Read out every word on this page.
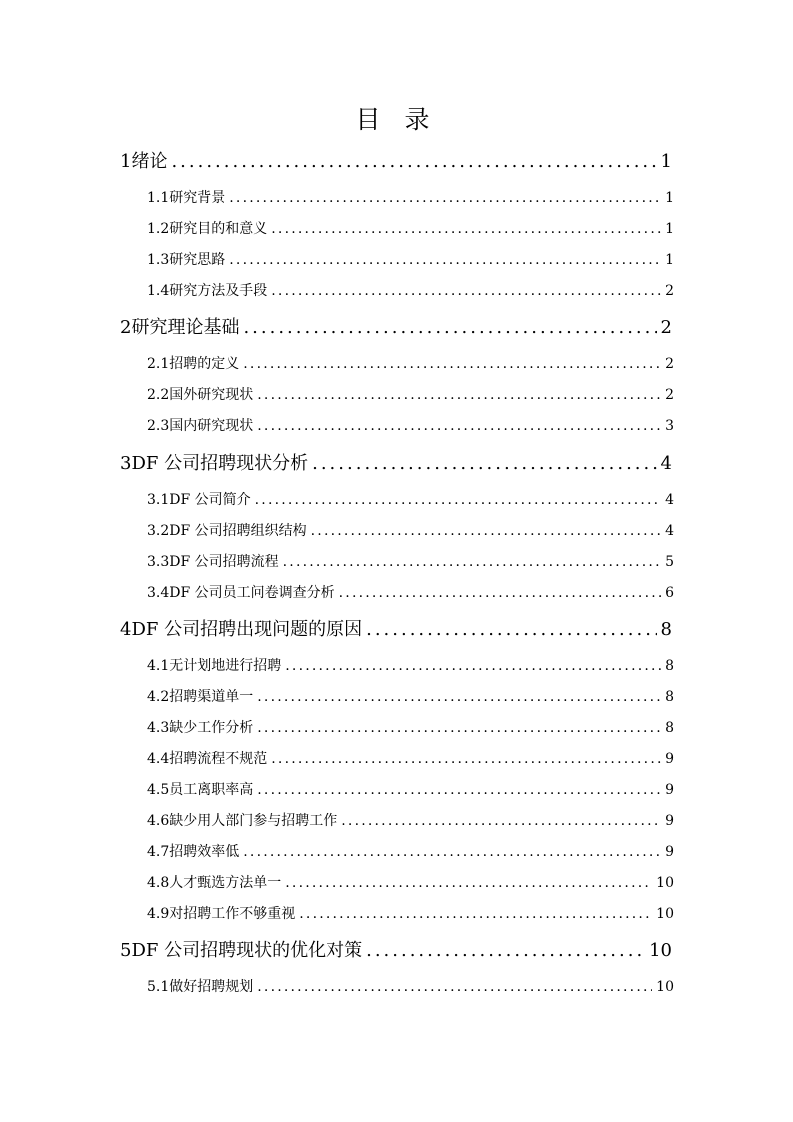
目 录
1绪论 .....	1
1.1研究背景 .....	1
1.2研究目的和意义 .....	1
1.3研究思路 .....	1
1.4研究方法及手段 .....	2
2研究理论基础 .....	2
2.1招聘的定义 .....	2
2.2国外研究现状 .....	2
2.3国内研究现状 .....	3
3DF 公司招聘现状分析 .....	4
3.1DF 公司简介 .....	4
3.2DF 公司招聘组织结构 .....	4
3.3DF 公司招聘流程 .....	5
3.4DF 公司员工问卷调查分析 .....	6
4DF 公司招聘出现问题的原因 .....	8
4.1无计划地进行招聘 .....	8
4.2招聘渠道单一 .....	8
4.3缺少工作分析 .....	8
4.4招聘流程不规范 .....	9
4.5员工离职率高 .....	9
4.6缺少用人部门参与招聘工作 .....	9
4.7招聘效率低 .....	9
4.8人才甄选方法单一 .....	10
4.9对招聘工作不够重视 .....	10
5DF 公司招聘现状的优化对策 .....	10
5.1做好招聘规划 .....	10
